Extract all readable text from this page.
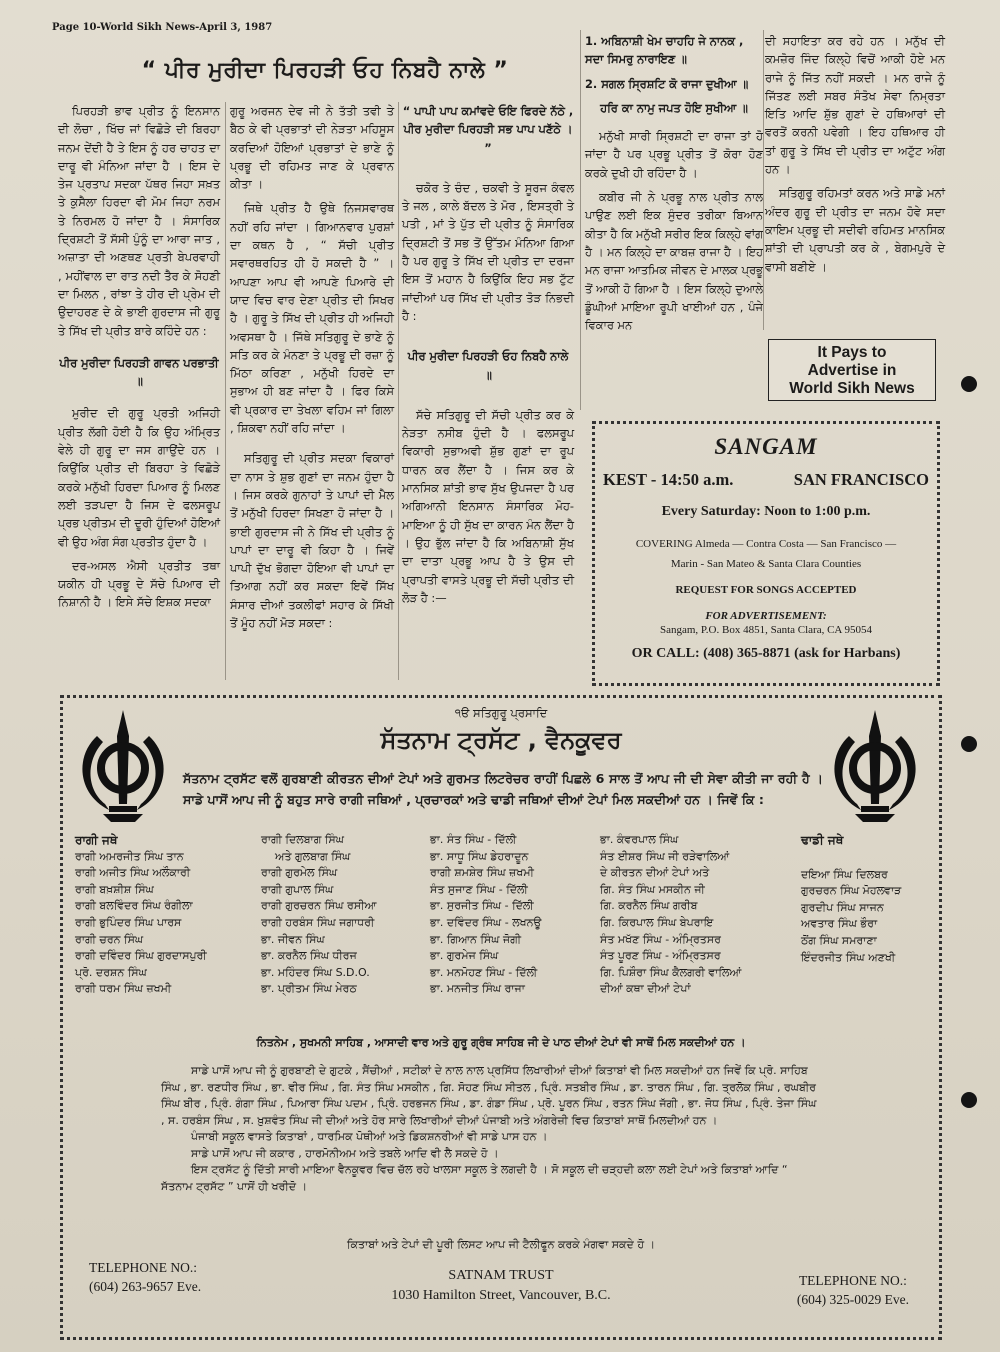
Page 10-World Sikh News-April 3, 1987
“ ਪੀਰ ਮੁਰੀਦਾ ਪਿਰਹੜੀ ਓਹ ਨਿਬਹੈ ਨਾਲੇ ”

ਪਿਰਹੜੀ ਭਾਵ ਪ੍ਰੀਤ ਨੂੰ ਇਨਸਾਨ ਦੀ ਲੋਚਾ , ਖਿੱਚ ਜਾਂ ਵਿਛੋੜੇ ਦੀ ਬਿਰਹਾ ਜਨਮ ਦੇਂਦੀ ਹੈ ਤੇ ਇਸ ਨੂੰ ਹਰ ਚਾਹਤ ਦਾ ਦਾਰੂ ਵੀ ਮੰਨਿਆ ਜਾਂਦਾ ਹੈ । ਇਸ ਦੇ ਤੇਜ ਪ੍ਰਤਾਪ ਸਦਕਾ ਪੱਥਰ ਜਿਹਾ ਸਖ਼ਤ ਤੇ ਕੁਸੈਲਾ ਹਿਰਦਾ ਵੀ ਮੋਮ ਜਿਹਾ ਨਰਮ ਤੇ ਨਿਰਮਲ ਹੋ ਜਾਂਦਾ ਹੈ । ਸੰਸਾਰਿਕ ਦ੍ਰਿਸ਼ਟੀ ਤੋਂ ਸੱਸੀ ਪੁੰਨੂੰ ਦਾ ਆਰਾ ਜਾਤ , ਅਜ਼ਾਤਾ ਦੀ ਅਣਥਣ ਪ੍ਰਤੀ ਬੇਪਰਵਾਹੀ , ਮਹੀਂਵਾਲ ਦਾ ਰਾਤ ਨਦੀ ਤੈਰ ਕੇ ਸੋਹਣੀ ਦਾ ਮਿਲਨ , ਰਾਂਝਾ ਤੇ ਹੀਰ ਦੀ ਪ੍ਰੇਮ ਦੀ ਉਦਾਹਰਣ ਦੇ ਕੇ ਭਾਈ ਗੁਰਦਾਸ ਜੀ ਗੁਰੂ ਤੇ ਸਿੱਖ ਦੀ ਪ੍ਰੀਤ ਬਾਰੇ ਕਹਿੰਦੇ ਹਨ :

ਪੀਰ ਮੁਰੀਦਾ ਪਿਰਹੜੀ ਗਾਵਨ ਪਰਭਾਤੀ ॥

ਮੁਰੀਦ ਦੀ ਗੁਰੂ ਪ੍ਰਤੀ ਅਜਿਹੀ ਪ੍ਰੀਤ ਲੱਗੀ ਹੋਈ ਹੈ ਕਿ ਉਹ ਅੰਮ੍ਰਿਤ ਵੇਲੇ ਹੀ ਗੁਰੂ ਦਾ ਜਸ ਗਾਉਂਦੇ ਹਨ । ਕਿਉਂਕਿ ਪ੍ਰੀਤ ਦੀ ਬਿਰਹਾ ਤੇ ਵਿਛੋੜੇ ਕਰਕੇ ਮਨੁੱਖੀ ਹਿਰਦਾ ਪਿਆਰ ਨੂੰ ਮਿਲਣ ਲਈ ਤੜਪਦਾ ਹੈ ਜਿਸ ਦੇ ਫਲਸਰੂਪ ਪ੍ਰਭ ਪ੍ਰੀਤਮ ਦੀ ਦੂਰੀ ਹੁੰਦਿਆਂ ਹੋਇਆਂ ਵੀ ਉਹ ਅੰਗ ਸੰਗ ਪ੍ਰਤੀਤ ਹੁੰਦਾ ਹੈ ।

ਦਰ-ਅਸਲ ਐਸੀ ਪ੍ਰਤੀਤ ਤਥਾ ਯਕੀਨ ਹੀ ਪ੍ਰਭੂ ਦੇ ਸੱਚੇ ਪਿਆਰ ਦੀ ਨਿਸ਼ਾਨੀ ਹੈ । ਇਸੇ ਸੱਚੇ ਇਸ਼ਕ ਸਦਕਾ

ਗੁਰੂ ਅਰਜਨ ਦੇਵ ਜੀ ਨੇ ਤੱਤੀ ਤਵੀ ਤੇ ਬੈਠ ਕੇ ਵੀ ਪ੍ਰਭਾਤਾਂ ਦੀ ਨੇੜਤਾ ਮਹਿਸੂਸ ਕਰਦਿਆਂ ਹੋਇਆਂ ਪ੍ਰਭਾਤਾਂ ਦੇ ਭਾਣੇ ਨੂੰ ਪ੍ਰਭੂ ਦੀ ਰਹਿਮਤ ਜਾਣ ਕੇ ਪ੍ਰਵਾਨ ਕੀਤਾ ।

ਜਿਥੇ ਪ੍ਰੀਤ ਹੈ ਉਥੇ ਨਿਜਸਵਾਰਥ ਨਹੀਂ ਰਹਿ ਜਾਂਦਾ । ਗਿਆਨਵਾਰ ਪੁਰਸ਼ਾਂ ਦਾ ਕਥਨ ਹੈ , “ ਸੱਚੀ ਪ੍ਰੀਤ ਸਵਾਰਥਰਹਿਤ ਹੀ ਹੋ ਸਕਦੀ ਹੈ ” । ਆਪਣਾ ਆਪ ਵੀ ਆਪਣੇ ਪਿਆਰੇ ਦੀ ਯਾਦ ਵਿਚ ਵਾਰ ਦੇਣਾ ਪ੍ਰੀਤ ਦੀ ਸਿਖਰ ਹੈ । ਗੁਰੂ ਤੇ ਸਿੱਖ ਦੀ ਪ੍ਰੀਤ ਹੀ ਅਜਿਹੀ ਅਵਸਥਾ ਹੈ । ਜਿੱਥੇ ਸਤਿਗੁਰੂ ਦੇ ਭਾਣੇ ਨੂੰ ਸਤਿ ਕਰ ਕੇ ਮੰਨਣਾ ਤੇ ਪ੍ਰਭੂ ਦੀ ਰਜ਼ਾ ਨੂੰ ਮਿੱਠਾ ਕਰਿਣਾ , ਮਨੁੱਖੀ ਹਿਰਦੇ ਦਾ ਸੁਭਾਅ ਹੀ ਬਣ ਜਾਂਦਾ ਹੈ । ਫਿਰ ਕਿਸੇ ਵੀ ਪ੍ਰਕਾਰ ਦਾ ਤੇਖਲਾ ਵਹਿਮ ਜਾਂ ਗਿਲਾ , ਸ਼ਿਕਵਾ ਨਹੀਂ ਰਹਿ ਜਾਂਦਾ ।

ਸਤਿਗੁਰੂ ਦੀ ਪ੍ਰੀਤ ਸਦਕਾ ਵਿਕਾਰਾਂ ਦਾ ਨਾਸ ਤੇ ਸ਼ੁਭ ਗੁਣਾਂ ਦਾ ਜਨਮ ਹੁੰਦਾ ਹੈ । ਜਿਸ ਕਰਕੇ ਗੁਨਾਹਾਂ ਤੇ ਪਾਪਾਂ ਦੀ ਮੈਲ ਤੋਂ ਮਨੁੱਖੀ ਹਿਰਦਾ ਸਿਖਣਾ ਹੋ ਜਾਂਦਾ ਹੈ । ਭਾਈ ਗੁਰਦਾਸ ਜੀ ਨੇ ਸਿੱਖ ਦੀ ਪ੍ਰੀਤ ਨੂੰ ਪਾਪਾਂ ਦਾ ਦਾਰੂ ਵੀ ਕਿਹਾ ਹੈ । ਜਿਵੇਂ ਪਾਪੀ ਦੁੱਖ ਭੋਗਦਾ ਹੋਇਆ ਵੀ ਪਾਪਾਂ ਦਾ ਤਿਆਗ ਨਹੀਂ ਕਰ ਸਕਦਾ ਇਵੇਂ ਸਿੱਖ ਸੰਸਾਰ ਦੀਆਂ ਤਕਲੀਫਾਂ ਸਹਾਰ ਕੇ ਸਿੱਖੀ ਤੋਂ ਮੂੰਹ ਨਹੀਂ ਮੋੜ ਸਕਦਾ :

“ ਪਾਪੀ ਪਾਪ ਕਮਾਂਵਦੇ ਓਇ ਫਿਰਦੇ ਨੱਠੇ , ਪੀਰ ਮੁਰੀਦਾ ਪਿਰਹੜੀ ਸਭ ਪਾਪ ਪਣੱਠੇ । ”

ਚਕੋਰ ਤੇ ਚੰਦ , ਚਕਵੀ ਤੇ ਸੂਰਜ ਕੰਵਲ ਤੇ ਜਲ , ਕਾਲੇ ਬੱਦਲ ਤੇ ਮੋਰ , ਇਸਤ੍ਰੀ ਤੇ ਪਤੀ , ਮਾਂ ਤੇ ਪੁੱਤ ਦੀ ਪ੍ਰੀਤ ਨੂੰ ਸੰਸਾਰਿਕ ਦ੍ਰਿਸ਼ਟੀ ਤੋਂ ਸਭ ਤੋਂ ਉੱਤਮ ਮੰਨਿਆ ਗਿਆ ਹੈ ਪਰ ਗੁਰੂ ਤੇ ਸਿੱਖ ਦੀ ਪ੍ਰੀਤ ਦਾ ਦਰਜਾ ਇਸ ਤੋਂ ਮਹਾਨ ਹੈ ਕਿਉਂਕਿ ਇਹ ਸਭ ਟੁੱਟ ਜਾਂਦੀਆਂ ਪਰ ਸਿੱਖ ਦੀ ਪ੍ਰੀਤ ਤੋੜ ਨਿਭਦੀ ਹੈ :

ਪੀਰ ਮੁਰੀਦਾ ਪਿਰਹੜੀ ਓਹ ਨਿਬਹੈ ਨਾਲੇ ॥

ਸੱਚੇ ਸਤਿਗੁਰੂ ਦੀ ਸੱਚੀ ਪ੍ਰੀਤ ਕਰ ਕੇ ਨੇੜਤਾ ਨਸੀਬ ਹੁੰਦੀ ਹੈ । ਫਲਸਰੂਪ ਵਿਕਾਰੀ ਸੁਭਾਅਵੀ ਸ਼ੁੱਭ ਗੁਣਾਂ ਦਾ ਰੂਪ ਧਾਰਨ ਕਰ ਲੈਂਦਾ ਹੈ । ਜਿਸ ਕਰ ਕੇ ਮਾਨਸਿਕ ਸ਼ਾਂਤੀ ਭਾਵ ਸੁੱਖ ਉਪਜਦਾ ਹੈ ਪਰ ਅਗਿਆਨੀ ਇਨਸਾਨ ਸੰਸਾਰਿਕ ਮੋਹ-ਮਾਇਆ ਨੂੰ ਹੀ ਸੁੱਖ ਦਾ ਕਾਰਨ ਮੰਨ ਲੈਂਦਾ ਹੈ । ਉਹ ਭੁੱਲ ਜਾਂਦਾ ਹੈ ਕਿ ਅਬਿਨਾਸ਼ੀ ਸੁੱਖ ਦਾ ਦਾਤਾ ਪ੍ਰਭੂ ਆਪ ਹੈ ਤੇ ਉਸ ਦੀ ਪ੍ਰਾਪਤੀ ਵਾਸਤੇ ਪ੍ਰਭੂ ਦੀ ਸੱਚੀ ਪ੍ਰੀਤ ਦੀ ਲੋੜ ਹੈ :—

1. ਅਬਿਨਾਸ਼ੀ ਖੇਮ ਚਾਹਹਿ ਜੇ ਨਾਨਕ , ਸਦਾ ਸਿਮਰੁ ਨਾਰਾਇਣ ॥

2. ਸਗਲ ਸ੍ਰਿਸ਼ਟਿ ਕੋ ਰਾਜਾ ਦੁਖੀਆ ॥

ਹਰਿ ਕਾ ਨਾਮੁ ਜਪਤ ਹੋਇ ਸੁਖੀਆ ॥

ਮਨੁੱਖੀ ਸਾਰੀ ਸ੍ਰਿਸ਼ਟੀ ਦਾ ਰਾਜਾ ਤਾਂ ਹੋ ਜਾਂਦਾ ਹੈ ਪਰ ਪ੍ਰਭੂ ਪ੍ਰੀਤ ਤੋਂ ਕੋਰਾ ਹੋਣ ਕਰਕੇ ਦੁਖੀ ਹੀ ਰਹਿੰਦਾ ਹੈ ।

ਕਬੀਰ ਜੀ ਨੇ ਪ੍ਰਭੂ ਨਾਲ ਪ੍ਰੀਤ ਨਾਲ ਪਾਉਣ ਲਈ ਇਕ ਸੁੰਦਰ ਤਰੀਕਾ ਬਿਆਨ ਕੀਤਾ ਹੈ ਕਿ ਮਨੁੱਖੀ ਸਰੀਰ ਇਕ ਕਿਲ੍ਹੇ ਵਾਂਗ ਹੈ । ਮਨ ਕਿਲ੍ਹੇ ਦਾ ਕਾਬਜ਼ ਰਾਜਾ ਹੈ । ਇਹ ਮਨ ਰਾਜਾ ਆਤਮਿਕ ਜੀਵਨ ਦੇ ਮਾਲਕ ਪ੍ਰਭੂ ਤੋਂ ਆਕੀ ਹੋ ਗਿਆ ਹੈ । ਇਸ ਕਿਲ੍ਹੇ ਦੁਆਲੇ ਡੂੰਘੀਆਂ ਮਾਇਆ ਰੂਪੀ ਖਾਈਆਂ ਹਨ , ਪੰਜੇ ਵਿਕਾਰ ਮਨ

ਦੀ ਸਹਾਇਤਾ ਕਰ ਰਹੇ ਹਨ । ਮਨੁੱਖ ਦੀ ਕਮਜ਼ੋਰ ਜਿੰਦ ਕਿਲ੍ਹੇ ਵਿਚੋਂ ਆਕੀ ਹੋਏ ਮਨ ਰਾਜੇ ਨੂੰ ਜਿੱਤ ਨਹੀਂ ਸਕਦੀ । ਮਨ ਰਾਜੇ ਨੂੰ ਜਿੱਤਣ ਲਈ ਸਬਰ ਸੰਤੋਖ ਸੇਵਾ ਨਿਮ੍ਰਤਾ ਇਤਿ ਆਦਿ ਸ਼ੁੱਭ ਗੁਣਾਂ ਦੇ ਹਥਿਆਰਾਂ ਦੀ ਵਰਤੋਂ ਕਰਨੀ ਪਵੇਗੀ । ਇਹ ਹਥਿਆਰ ਹੀ ਤਾਂ ਗੁਰੂ ਤੇ ਸਿੱਖ ਦੀ ਪ੍ਰੀਤ ਦਾ ਅਟੁੱਟ ਅੰਗ ਹਨ ।

ਸਤਿਗੁਰੂ ਰਹਿਮਤਾਂ ਕਰਨ ਅਤੇ ਸਾਡੇ ਮਨਾਂ ਅੰਦਰ ਗੁਰੂ ਦੀ ਪ੍ਰੀਤ ਦਾ ਜਨਮ ਹੋਵੇ ਸਦਾ ਕਾਇਮ ਪ੍ਰਭੂ ਦੀ ਸਦੀਵੀ ਰਹਿਮਤ ਮਾਨਸਿਕ ਸ਼ਾਂਤੀ ਦੀ ਪ੍ਰਾਪਤੀ ਕਰ ਕੇ , ਬੇਗਮਪੁਰੇ ਦੇ ਵਾਸੀ ਬਣੀਏ ।

It Pays to
Advertise in
World Sikh News
SANGAM
KEST - 14:50 a.m.	SAN FRANCISCO
Every Saturday: Noon to 1:00 p.m.
COVERING Almeda — Contra Costa — San Francisco —
Marin - San Mateo & Santa Clara Counties
REQUEST FOR SONGS ACCEPTED
FOR ADVERTISEMENT:
Sangam, P.O. Box 4851, Santa Clara, CA 95054
OR CALL: (408) 365-8871 (ask for Harbans)
੧ੳ ਸਤਿਗੁਰੂ ਪ੍ਰਸਾਦਿ
ਸੱਤਨਾਮ ਟ੍ਰਸੱਟ , ਵੈਨਕੂਵਰ
ਸੱਤਨਾਮ ਟ੍ਰਸੱਟ ਵਲੋਂ ਗੁਰਬਾਣੀ ਕੀਰਤਨ ਦੀਆਂ ਟੇਪਾਂ ਅਤੇ ਗੁਰਮਤ ਲਿਟਰੇਚਰ ਰਾਹੀਂ ਪਿਛਲੇ 6 ਸਾਲ ਤੋਂ ਆਪ ਜੀ ਦੀ ਸੇਵਾ ਕੀਤੀ ਜਾ ਰਹੀ ਹੈ । ਸਾਡੇ ਪਾਸੋਂ ਆਪ ਜੀ ਨੂੰ ਬਹੁਤ ਸਾਰੇ ਰਾਗੀ ਜਥਿਆਂ , ਪ੍ਰਚਾਰਕਾਂ ਅਤੇ ਢਾਡੀ ਜਥਿਆਂ ਦੀਆਂ ਟੇਪਾਂ ਮਿਲ ਸਕਦੀਆਂ ਹਨ । ਜਿਵੇਂ ਕਿ :
ਰਾਗੀ ਜਥੇ
ਰਾਗੀ ਅਮਰਜੀਤ ਸਿੰਘ ਤਾਨ
ਰਾਗੀ ਅਜੀਤ ਸਿੰਘ ਅਲੌਕਾਰੀ
ਰਾਗੀ ਬਖ਼ਸ਼ੀਸ਼ ਸਿੰਘ
ਰਾਗੀ ਬਲਵਿੰਦਰ ਸਿੰਘ ਰੰਗੀਲਾ
ਰਾਗੀ ਭੁਪਿੰਦਰ ਸਿੰਘ ਪਾਰਸ
ਰਾਗੀ ਚਰਨ ਸਿੰਘ
ਰਾਗੀ ਦਵਿੰਦਰ ਸਿੰਘ ਗੁਰਦਾਸਪੁਰੀ
ਪ੍ਰੋ. ਦਰਸ਼ਨ ਸਿੰਘ
ਰਾਗੀ ਧਰਮ ਸਿੰਘ ਜ਼ਖਮੀ
ਰਾਗੀ ਦਿਲਬਾਗ ਸਿੰਘ
ਅਤੇ ਗੁਲਬਾਗ ਸਿੰਘ
ਰਾਗੀ ਗੁਰਮੇਲ ਸਿੰਘ
ਰਾਗੀ ਗੁਪਾਲ ਸਿੰਘ
ਰਾਗੀ ਗੁਰਚਰਨ ਸਿੰਘ ਰਸੀਆ
ਰਾਗੀ ਹਰਬੰਸ ਸਿੰਘ ਜਗਾਧਰੀ
ਭਾ. ਜੀਵਨ ਸਿੰਘ
ਭਾ. ਕਰਨੈਲ ਸਿੰਘ ਧੀਰਜ
ਭਾ. ਮਹਿੰਦਰ ਸਿੰਘ S.D.O.
ਭਾ. ਪ੍ਰੀਤਮ ਸਿੰਘ ਮੇਰਠ
ਭਾ. ਸੰਤ ਸਿੰਘ - ਦਿੱਲੀ
ਭਾ. ਸਾਧੂ ਸਿੰਘ ਡੇਹਰਾਦੂਨ
ਰਾਗੀ ਸ਼ਮਸ਼ੇਰ ਸਿੰਘ ਜ਼ਖਮੀ
ਸੰਤ ਸੁਜਾਣ ਸਿੰਘ - ਦਿੱਲੀ
ਭਾ. ਸੁਰਜੀਤ ਸਿੰਘ - ਦਿੱਲੀ
ਭਾ. ਦਵਿੰਦਰ ਸਿੰਘ - ਲਖਨਊ
ਭਾ. ਗਿਆਨ ਸਿੰਘ ਜੋਗੀ
ਭਾ. ਗੁਰਮੇਜ ਸਿੰਘ
ਭਾ. ਮਨਮੋਹਣ ਸਿੰਘ - ਦਿੱਲੀ
ਭਾ. ਮਨਜੀਤ ਸਿੰਘ ਰਾਜਾ
ਭਾ. ਕੰਵਰਪਾਲ ਸਿੰਘ
ਸੰਤ ਈਸ਼ਰ ਸਿੰਘ ਜੀ ਰੜੇਵਾਲਿਆਂ
ਦੇ ਕੀਰਤਨ ਦੀਆਂ ਟੇਪਾਂ ਅਤੇ
ਗਿ. ਸੰਤ ਸਿੰਘ ਮਸਕੀਨ ਜੀ
ਗਿ. ਕਰਨੈਲ ਸਿੰਘ ਗਰੀਬ
ਗਿ. ਕਿਰਪਾਲ ਸਿੰਘ ਬੇਪਰਾਇ
ਸੰਤ ਮਖੱਣ ਸਿੰਘ - ਅੰਮ੍ਰਿਤਸਰ
ਸੰਤ ਪੂਰਣ ਸਿੰਘ - ਅੰਮ੍ਰਿਤਸਰ
ਗਿ. ਪਿਸ਼ੌਰਾ ਸਿੰਘ ਕੈਲਗਰੀ ਵਾਲਿਆਂ
ਦੀਆਂ ਕਥਾ ਦੀਆਂ ਟੇਪਾਂ
ਢਾਡੀ ਜਥੇ
ਦਇਆ ਸਿੰਘ ਦਿਲਬਰ
ਗੁਰਚਰਨ ਸਿੰਘ ਮੋਹਲਵਾੜ
ਗੁਰਦੀਪ ਸਿੰਘ ਸਾਜਨ
ਅਵਤਾਰ ਸਿੰਘ ਭੌਰਾ
ਠੋਂਗ ਸਿੰਘ ਸਮਰਾਣਾ
ਇੰਦਰਜੀਤ ਸਿੰਘ ਅਣਖੀ
ਨਿਤਨੇਮ , ਸੁਖਮਨੀ ਸਾਹਿਬ , ਆਸਾਦੀ ਵਾਰ ਅਤੇ ਗੁਰੂ ਗ੍ਰੰਥ ਸਾਹਿਬ ਜੀ ਦੇ ਪਾਠ ਦੀਆਂ ਟੇਪਾਂ ਵੀ ਸਾਥੋਂ ਮਿਲ ਸਕਦੀਆਂ ਹਨ ।

ਸਾਡੇ ਪਾਸੋਂ ਆਪ ਜੀ ਨੂੰ ਗੁਰਬਾਣੀ ਦੇ ਗੁਟਕੇ , ਸੈਂਚੀਆਂ , ਸਟੀਕਾਂ ਦੇ ਨਾਲ ਨਾਲ ਪ੍ਰਸਿੱਧ ਲਿਖਾਰੀਆਂ ਦੀਆਂ ਕਿਤਾਬਾਂ ਵੀ ਮਿਲ ਸਕਦੀਆਂ ਹਨ ਜਿਵੇਂ ਕਿ ਪ੍ਰੋ. ਸਾਹਿਬ ਸਿੰਘ , ਭਾ. ਰਣਧੀਰ ਸਿੰਘ , ਭਾ. ਵੀਰ ਸਿੰਘ , ਗਿ. ਸੰਤ ਸਿੰਘ ਮਸਕੀਨ , ਗਿ. ਸੋਹਣ ਸਿੰਘ ਸੀਤਲ , ਪ੍ਰਿੰ. ਸਤਬੀਰ ਸਿੰਘ , ਡਾ. ਤਾਰਨ ਸਿੰਘ , ਗਿ. ਤ੍ਰਲੋਕ ਸਿੰਘ , ਰਘਬੀਰ ਸਿੰਘ ਬੀਰ , ਪ੍ਰਿੰ. ਗੰਗਾ ਸਿੰਘ , ਪਿਆਰਾ ਸਿੰਘ ਪਦਮ , ਪ੍ਰਿੰ. ਹਰਭਜਨ ਸਿੰਘ , ਡਾ. ਗੰਡਾ ਸਿੰਘ , ਪ੍ਰੋ. ਪੂਰਨ ਸਿੰਘ , ਰਤਨ ਸਿੰਘ ਜੱਗੀ , ਭਾ. ਜੋਧ ਸਿੰਘ , ਪ੍ਰਿੰ. ਤੇਜਾ ਸਿੰਘ , ਸ. ਹਰਬੰਸ ਸਿੰਘ , ਸ. ਖ਼ੁਸ਼ਵੰਤ ਸਿੰਘ ਜੀ ਦੀਆਂ ਅਤੇ ਹੋਰ ਸਾਰੇ ਲਿਖਾਰੀਆਂ ਦੀਆਂ ਪੰਜਾਬੀ ਅਤੇ ਅੰਗਰੇਜ਼ੀ ਵਿਚ ਕਿਤਾਬਾਂ ਸਾਥੋਂ ਮਿਲਦੀਆਂ ਹਨ ।

ਪੰਜਾਬੀ ਸਕੂਲ ਵਾਸਤੇ ਕਿਤਾਬਾਂ , ਧਾਰਮਿਕ ਪੋਥੀਆਂ ਅਤੇ ਡਿਕਸ਼ਨਰੀਆਂ ਵੀ ਸਾਡੇ ਪਾਸ ਹਨ ।

ਸਾਡੇ ਪਾਸੋਂ ਆਪ ਜੀ ਕਕਾਰ , ਹਾਰਮੋਨੀਅਮ ਅਤੇ ਤਬਲੇ ਆਦਿ ਵੀ ਲੈ ਸਕਦੇ ਹੋ ।

ਇਸ ਟ੍ਰਸੱਟ ਨੂੰ ਦਿੱਤੀ ਸਾਰੀ ਮਾਇਆ ਵੈਨਕੂਵਰ ਵਿਚ ਚੱਲ ਰਹੇ ਖਾਲਸਾ ਸਕੂਲ ਤੇ ਲਗਦੀ ਹੈ । ਸੋ ਸਕੂਲ ਦੀ ਚੜ੍ਹਦੀ ਕਲਾ ਲਈ ਟੇਪਾਂ ਅਤੇ ਕਿਤਾਬਾਂ ਆਦਿ “ ਸੱਤਨਾਮ ਟ੍ਰਸੱਟ ” ਪਾਸੋਂ ਹੀ ਖਰੀਦੋ ।

ਕਿਤਾਬਾਂ ਅਤੇ ਟੇਪਾਂ ਦੀ ਪੂਰੀ ਲਿਸਟ ਆਪ ਜੀ ਟੈਲੀਫੂਨ ਕਰਕੇ ਮੰਗਵਾ ਸਕਦੇ ਹੋ ।
TELEPHONE NO.:
(604) 263-9657 Eve.
SATNAM TRUST
1030 Hamilton Street, Vancouver, B.C.
TELEPHONE NO.:
(604) 325-0029 Eve.
